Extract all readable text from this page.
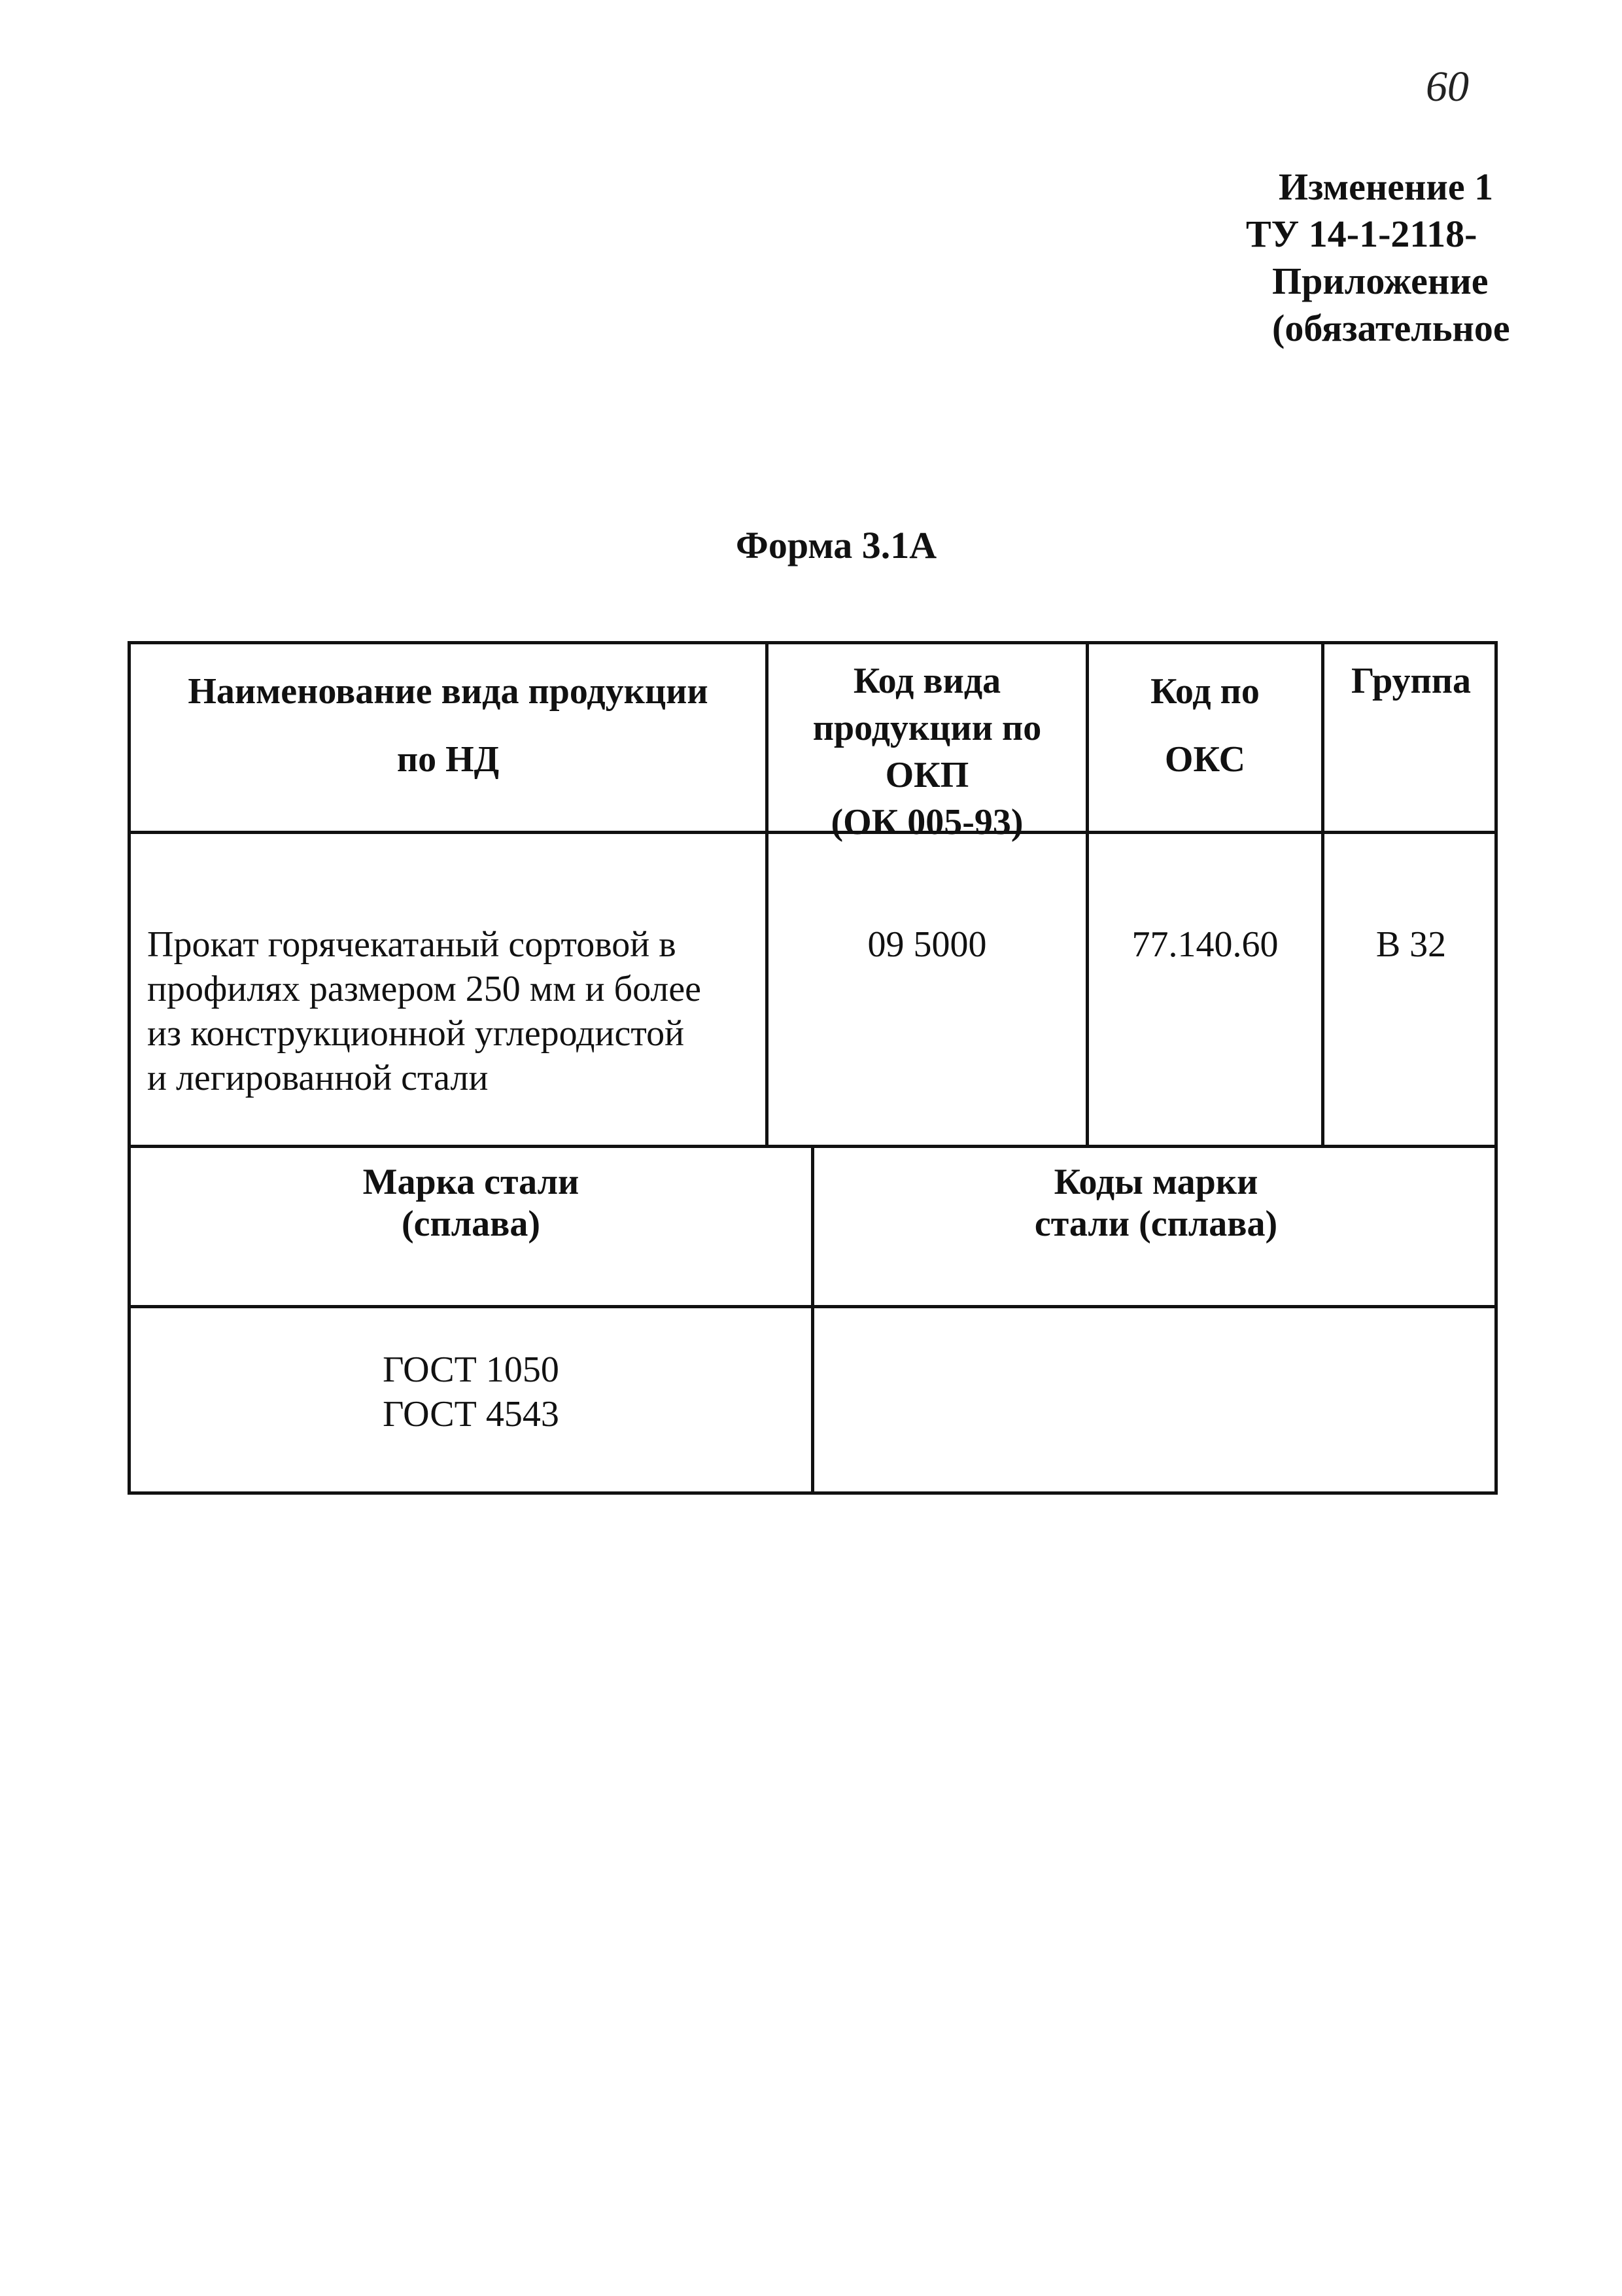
60
Изменение 1
ТУ 14-1-2118-
Приложение
(обязательное
Форма 3.1А
Наименование вида продукции
по НД
Код вида
продукции по
ОКП
(ОК 005-93)
Код по
ОКС
Группа
Прокат горячекатаный сортовой в
профилях размером 250 мм и более
из конструкционной углеродистой
и легированной стали
09 5000	77.140.60	В 32
Марка стали
(сплава)
Коды марки
стали (сплава)
ГОСТ 1050
ГОСТ 4543
